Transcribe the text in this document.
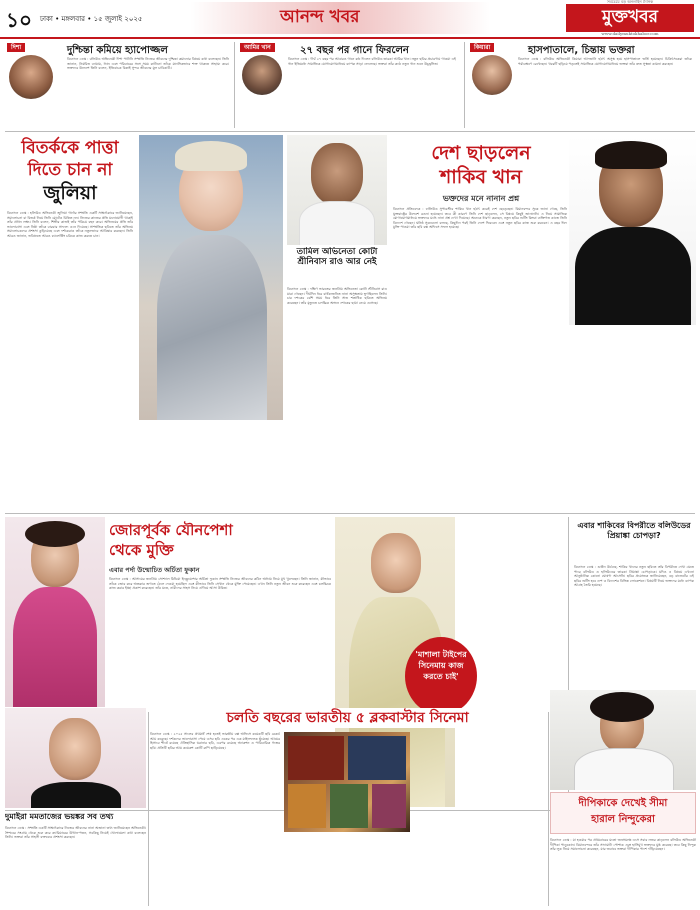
১০ ঢাকা • মঙ্গলবার • ১৫ জুলাই ২০২৫	আনন্দ খবর
সবচেয়ে বড় অনলাইন দৈনিক
মুক্তখবর
www.dailymuktokhabor.com
দিশা	দুশ্চিন্তা কমিয়ে হ্যাপোজ্জল
বিনোদন ডেস্ক : বলিউড অভিনেত্রী দিশা পাটানি সম্প্রতি নিজের জীবনের দুশ্চিন্তা কমানোর বিষয়ে কথা বলেছেন। তিনি জানান, নিয়মিত ব্যায়াম, ধ্যান এবং পরিবারের সঙ্গে সময় কাটানো তাঁকে মানসিকভাবে শক্ত থাকতে সাহায্য করে। ভক্তদের উদ্দেশে তিনি বলেন, ইতিবাচক চিন্তাই সুন্দর জীবনের মূল চাবিকাঠি।
আমির খান	২৭ বছর পর গানে ফিরলেন
বিনোদন ডেস্ক : দীর্ঘ ২৭ বছর পর আবারও গানে কণ্ঠ দিলেন বলিউড তারকা আমির খান। নতুন ছবির প্রচারণায় গাওয়া এই গান ইতিমধ্যে সামাজিক যোগাযোগমাধ্যমে ব্যাপক সাড়া ফেলেছে। ভক্তরা তাঁর কণ্ঠে নতুন গান শুনে উচ্ছ্বসিত।
কিয়ারা	হাসপাতালে, চিন্তায় ভক্তরা
বিনোদন ডেস্ক : বলিউড অভিনেত্রী কিয়ারা আদভানি হঠাৎ অসুস্থ হয়ে হাসপাতালে ভর্তি হয়েছেন। চিকিৎসকেরা তাঁকে পর্যবেক্ষণে রেখেছেন। খবরটি ছড়িয়ে পড়তেই সামাজিক যোগাযোগমাধ্যমে ভক্তরা তাঁর দ্রুত সুস্থতা কামনা করছেন।
বিতর্ককে পাত্তা
দিতে চান না
জুলিয়া
বিনোদন ডেস্ক : হলিউড অভিনেত্রী জুলিয়া গার্নার সম্প্রতি একটি সাক্ষাৎকারে জানিয়েছেন, সমালোচনা বা বিতর্ক নিয়ে তিনি মোটেও চিন্তিত নন। নিজের কাজের প্রতি মনোযোগী থাকাই তাঁর প্রধান লক্ষ্য। তিনি বলেন, শিল্পীর কাজই তাঁর পরিচয় বহন করে। অভিনয়ের প্রতি তাঁর ভালোবাসা এবং নিষ্ঠা তাঁকে বারবার সাফল্য এনে দিয়েছে। সাম্প্রতিক ছবিতে তাঁর অভিনয় সমালোচকদের প্রশংসা কুড়িয়েছে এবং দর্শকেরাও তাঁকে নতুনভাবে আবিষ্কার করছেন। তিনি আরও জানান, ভবিষ্যতে আরও চ্যালেঞ্জিং চরিত্রে কাজ করতে চান।
তামিল অভিনেতা কোটা শ্রীনিবাস রাও আর নেই
বিনোদন ডেস্ক : দক্ষিণ ভারতের জনপ্রিয় অভিনেতা কোটা শ্রীনিবাস রাও মারা গেছেন। দীর্ঘদিন ধরে বার্ধক্যজনিত নানা অসুস্থতায় ভুগছিলেন তিনি। চার দশকের বেশি সময় ধরে তিনি সাত শতাধিক ছবিতে অভিনয় করেছেন। তাঁর মৃত্যুতে চলচ্চিত্র অঙ্গনে শোকের ছায়া নেমে এসেছে।
দেশ ছাড়লেন
শাকিব খান
ভক্তদের মনে নানান প্রশ্ন
বিনোদন প্রতিবেদক : ঢালিউড সুপারস্টার শাকিব খান হঠাৎ করেই দেশ ছেড়েছেন। বিমানবন্দর সূত্রে জানা গেছে, তিনি যুক্তরাষ্ট্রের উদ্দেশে রওনা হয়েছেন। তবে কী কারণে তিনি দেশ ছাড়লেন, সে বিষয়ে কিছুই জানাননি। এ নিয়ে সামাজিক যোগাযোগমাধ্যমে ভক্তদের মধ্যে নানা প্রশ্ন দেখা দিয়েছে। অনেকে ধারণা করছেন, নতুন ছবির শুটিং কিংবা ব্যক্তিগত কাজে তিনি বিদেশে গেছেন। ঘনিষ্ঠ সূত্রগুলো বলছে, কিছুদিন পরই তিনি দেশে ফিরবেন এবং নতুন ছবির কাজ শুরু করবেন। এ বছর ঈদে মুক্তি পাওয়া তাঁর ছবি বক্স অফিসে সফল হয়েছে।
জোরপূর্বক যৌনপেশা
থেকে মুক্তি
এবার পর্দা উন্মোচিত অর্চিতা ফুকান
বিনোদন ডেস্ক : আসামের জনপ্রিয় সোশ্যাল মিডিয়া ইনফ্লুয়েন্সার অর্চিতা ফুকান সম্প্রতি নিজের জীবনের কঠিন অধ্যায় নিয়ে মুখ খুলেছেন। তিনি জানান, কীভাবে তাঁকে জোর করে অন্ধকার জগতে ঠেলে দেওয়া হয়েছিল এবং কীভাবে তিনি সেখান থেকে মুক্তি পেয়েছেন। এখন তিনি নতুন জীবন শুরু করেছেন এবং চলচ্চিত্রে কাজ করার ইচ্ছা প্রকাশ করেছেন। তাঁর মতে, নারীদের সাহস নিয়ে এগিয়ে আসা উচিত।
'মাশালা টাইপের সিনেমায় কাজ করতে চাই'
এবার শাকিবের বিপরীতে বলিউডের প্রিয়াঙ্কা চোপড়া?
বিনোদন ডেস্ক : গুঞ্জন উঠেছে, শাকিব খানের নতুন ছবিতে তাঁর বিপরীতে দেখা যেতে পারে বলিউড ও হলিউডের তারকা প্রিয়াঙ্কা চোপড়াকে। যদিও এ বিষয়ে এখনো আনুষ্ঠানিক কোনো ঘোষণা আসেনি। ছবির প্রযোজক জানিয়েছেন, বড় বাজেটের এই ছবির শুটিং হবে দেশ ও বিদেশের বিভিন্ন লোকেশনে। বিষয়টি নিয়ে ভক্তদের মধ্যে ব্যাপক আগ্রহ তৈরি হয়েছে।
চলতি বছরের ভারতীয় ৫ ব্লকবাস্টার সিনেমা
বিনোদন ডেস্ক : ২০২৫ সালের প্রথমার্ধ শেষ হতেই ভারতীয় বক্স অফিসে কয়েকটি ছবি রেকর্ড আয় করেছে। দর্শকদের ভালোবাসা পেয়ে এসব ছবি একের পর এক মাইলফলক ছুঁয়েছে। আয়ের হিসাবে শীর্ষে রয়েছে ঐতিহাসিক ঘরানার ছবি, এরপর রয়েছে অ্যাকশন ও পারিবারিক গল্পের ছবি। প্রতিটি ছবির আয় কয়েকশ কোটি রুপি ছাড়িয়েছে।
দুমাইরা মমতাজের ভয়ঙ্কর সব তথ্য
বিনোদন ডেস্ক : সম্প্রতি একটি সাক্ষাৎকারে নিজের জীবনের নানা অজানা তথ্য জানিয়েছেন অভিনেত্রী। শৈশবের সংগ্রাম থেকে শুরু করে ক্যারিয়ারের উত্থান-পতন, সবকিছু নিয়েই খোলামেলা কথা বলেছেন তিনি। ভক্তরা তাঁর সাহসী বক্তব্যের প্রশংসা করছেন।
দীপিকাকে দেখেই সীমা
হারাল নিন্দুকেরা
বিনোদন ডেস্ক : মা হওয়ার পর প্রথমবারের মতো জনসমক্ষে এসে সবার নজর কাড়লেন বলিউড অভিনেত্রী দীপিকা পাড়ুকোন। বিমানবন্দরে তাঁর সাদামাটা পোশাক এবং হাসিমুখ ভক্তদের মুগ্ধ করেছে। তবে কিছু নিন্দুক তাঁর লুক নিয়ে সমালোচনা করেছেন, যার জবাবে ভক্তরা দীপিকার পাশে দাঁড়িয়েছেন।
